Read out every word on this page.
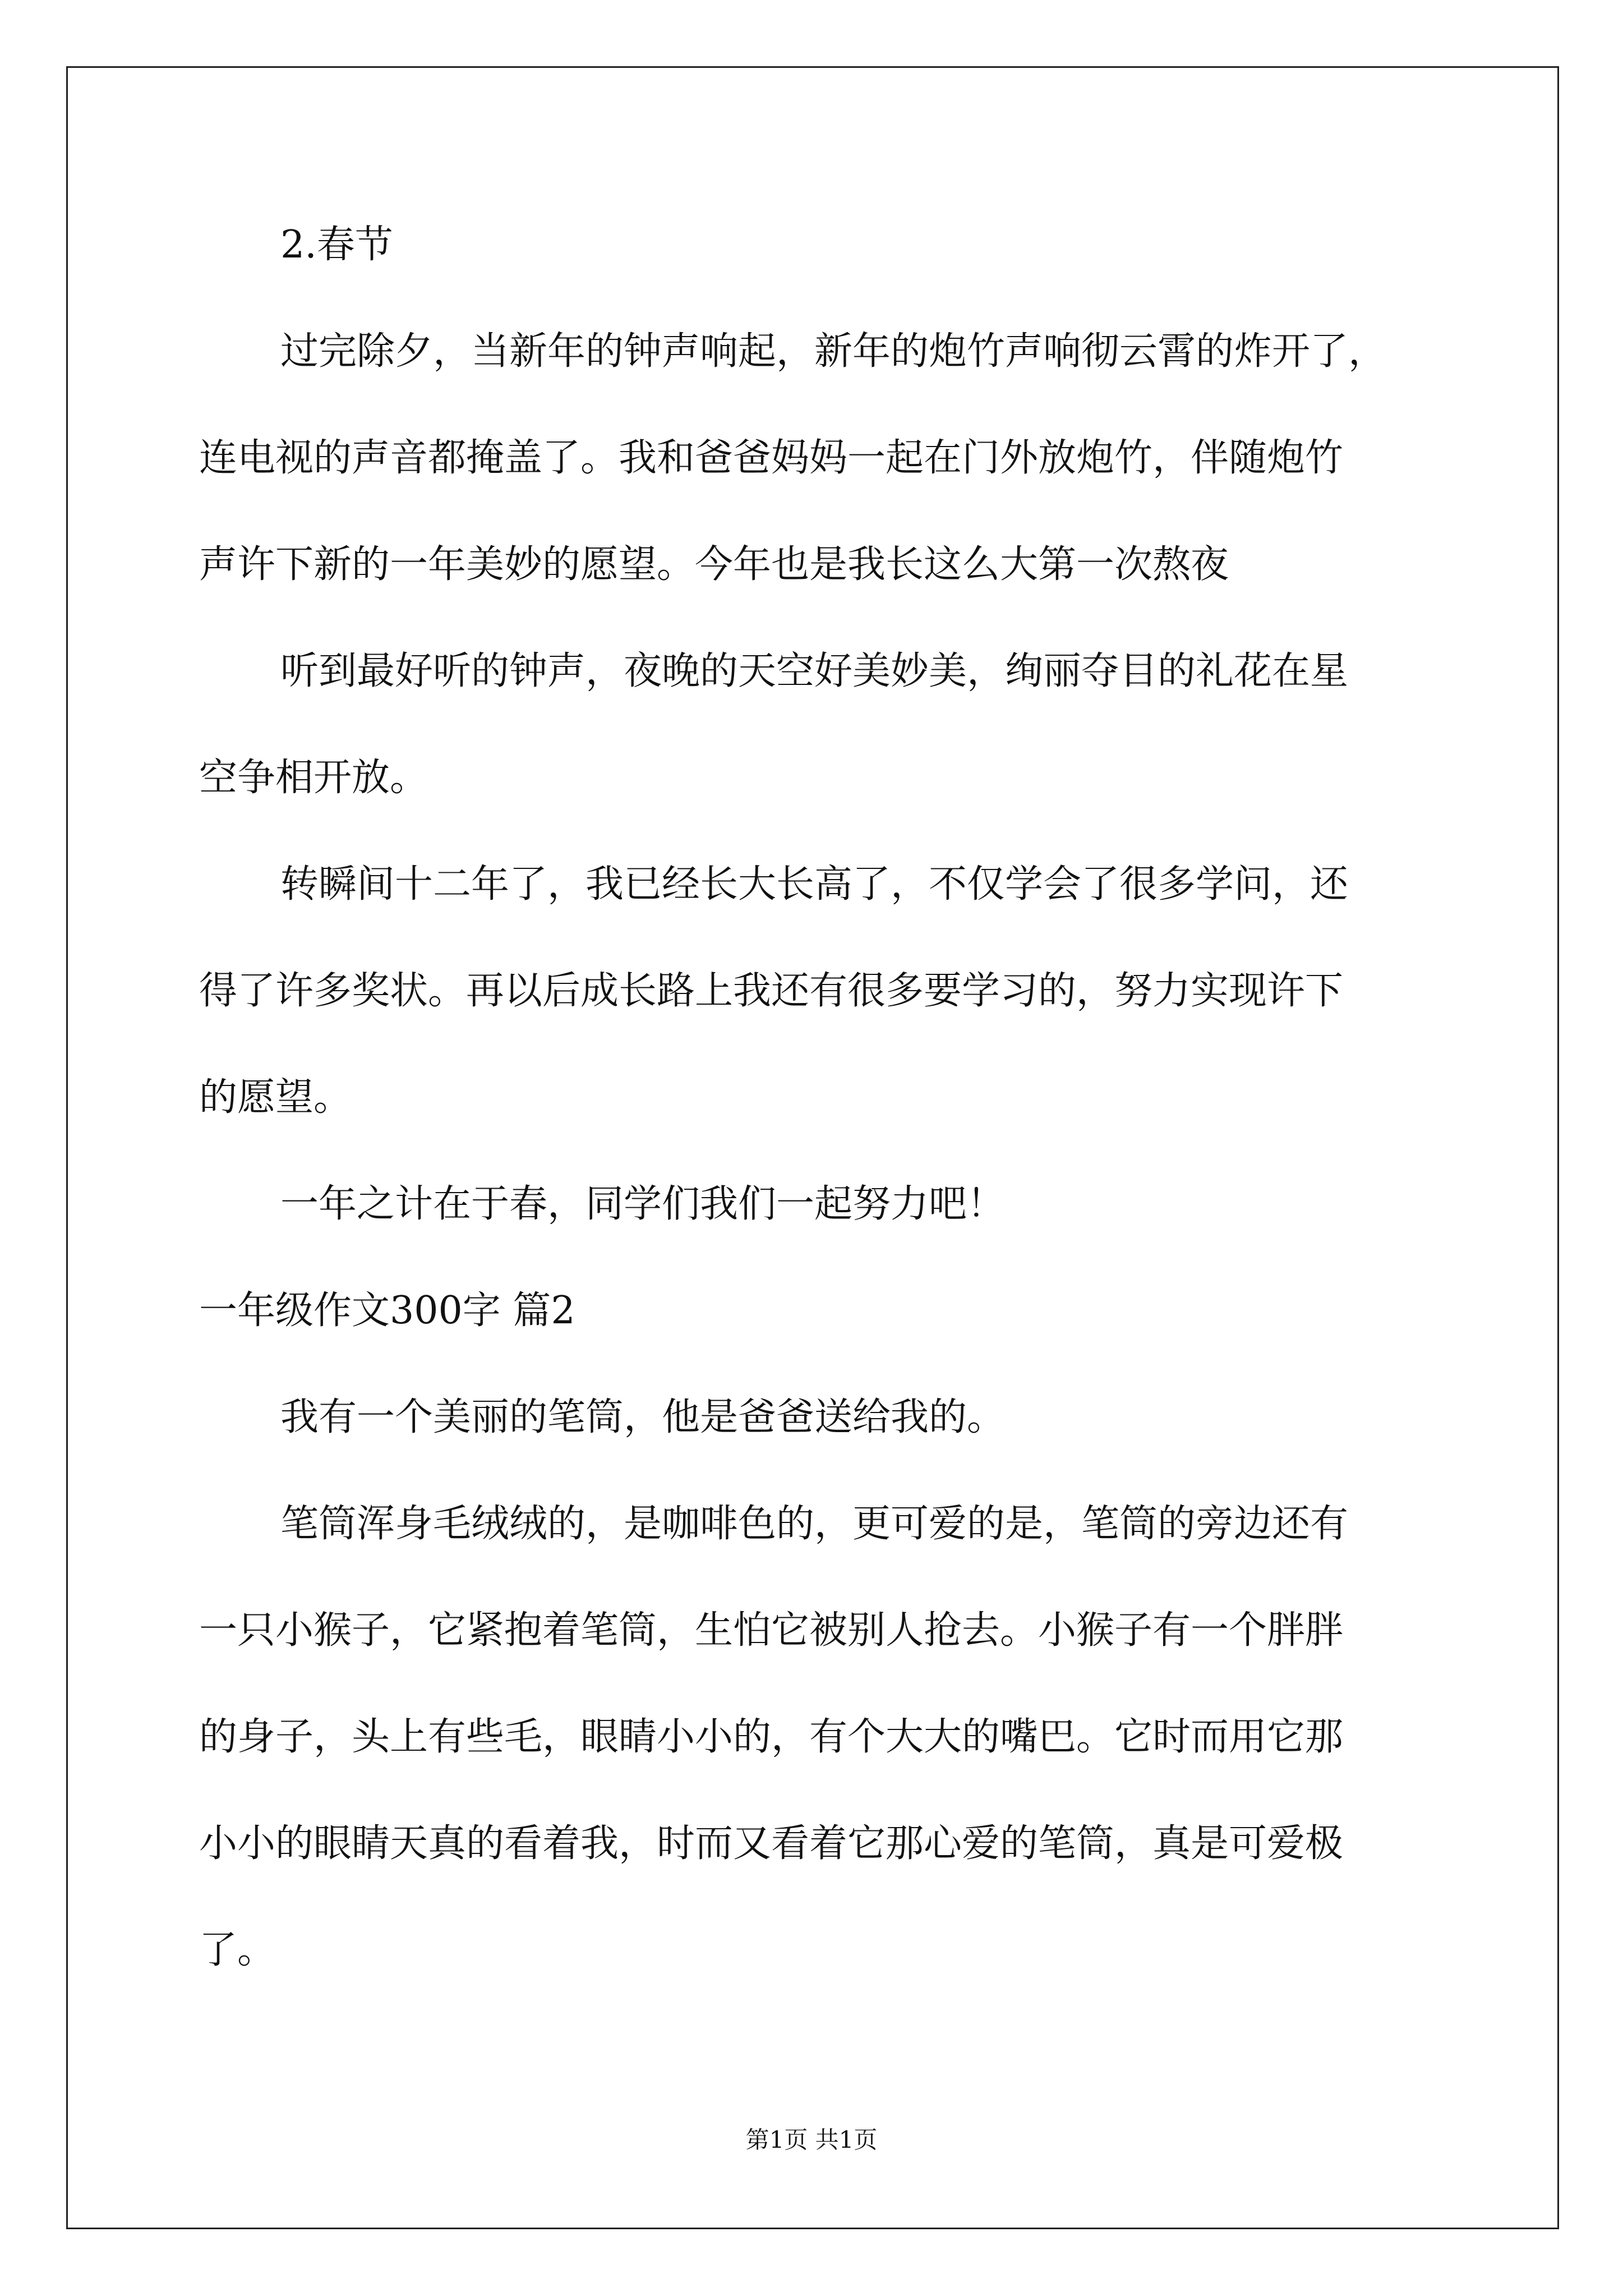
2.春节
过完除夕，当新年的钟声响起，新年的炮竹声响彻云霄的炸开了，
连电视的声音都掩盖了。我和爸爸妈妈一起在门外放炮竹，伴随炮竹
声许下新的一年美妙的愿望。今年也是我长这么大第一次熬夜
听到最好听的钟声，夜晚的天空好美妙美，绚丽夺目的礼花在星
空争相开放。
转瞬间十二年了，我已经长大长高了，不仅学会了很多学问，还
得了许多奖状。再以后成长路上我还有很多要学习的，努力实现许下
的愿望。
一年之计在于春，同学们我们一起努力吧！
一年级作文300字 篇2
我有一个美丽的笔筒，他是爸爸送给我的。
笔筒浑身毛绒绒的，是咖啡色的，更可爱的是，笔筒的旁边还有
一只小猴子，它紧抱着笔筒，生怕它被别人抢去。小猴子有一个胖胖
的身子，头上有些毛，眼睛小小的，有个大大的嘴巴。它时而用它那
小小的眼睛天真的看着我，时而又看着它那心爱的笔筒，真是可爱极
了。
第1页 共1页
